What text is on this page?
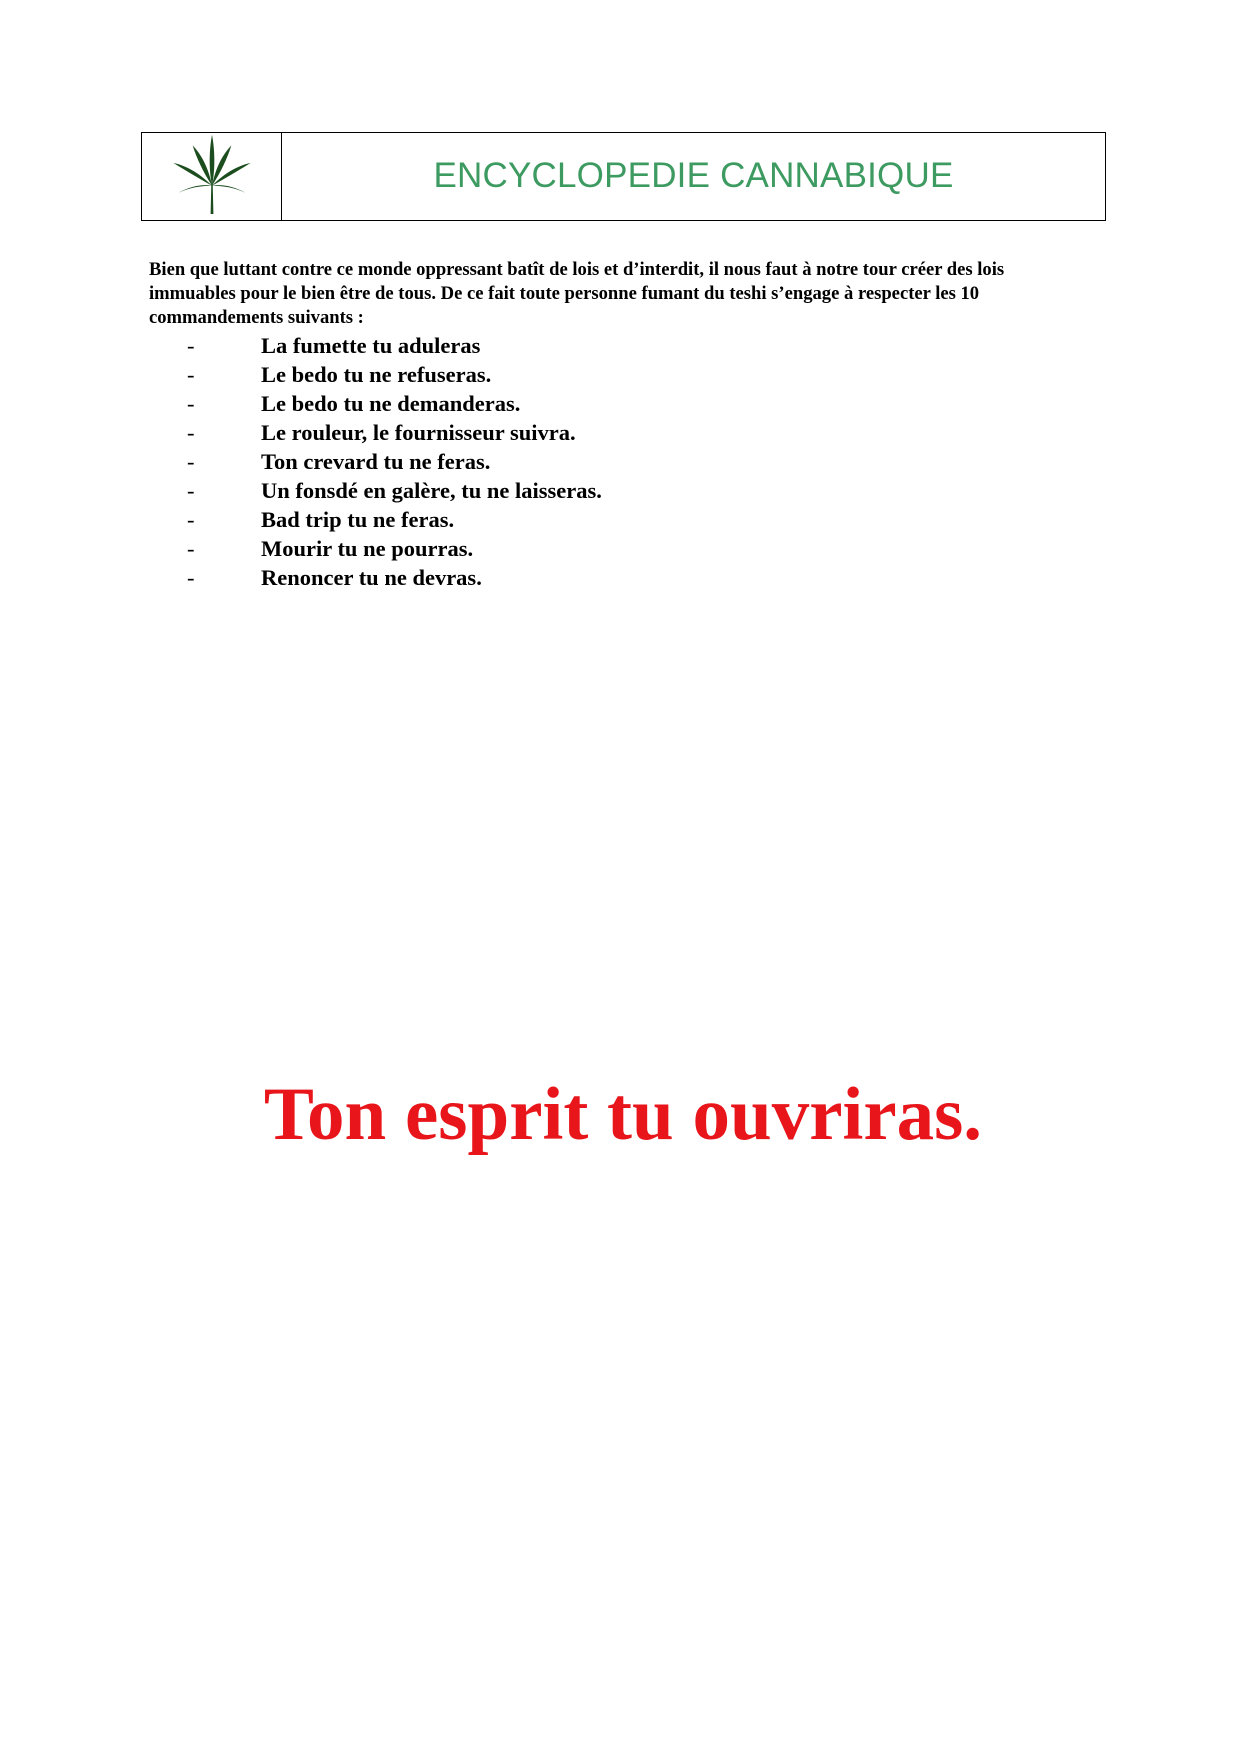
ENCYCLOPEDIE CANNABIQUE

Bien que luttant contre ce monde oppressant batît de lois et d’interdit, il nous faut à notre tour créer des lois immuables pour le bien être de tous. De ce fait toute personne fumant du teshi s’engage à respecter les 10 commandements suivants :

-	La fumette tu aduleras
-	Le bedo tu ne refuseras.
-	Le bedo tu ne demanderas.
-	Le rouleur, le fournisseur suivra.
-	Ton crevard tu ne feras.
-	Un fonsdé en galère, tu ne laisseras.
-	Bad trip tu ne feras.
-	Mourir tu ne pourras.
-	Renoncer tu ne devras.

Ton esprit tu ouvriras.
